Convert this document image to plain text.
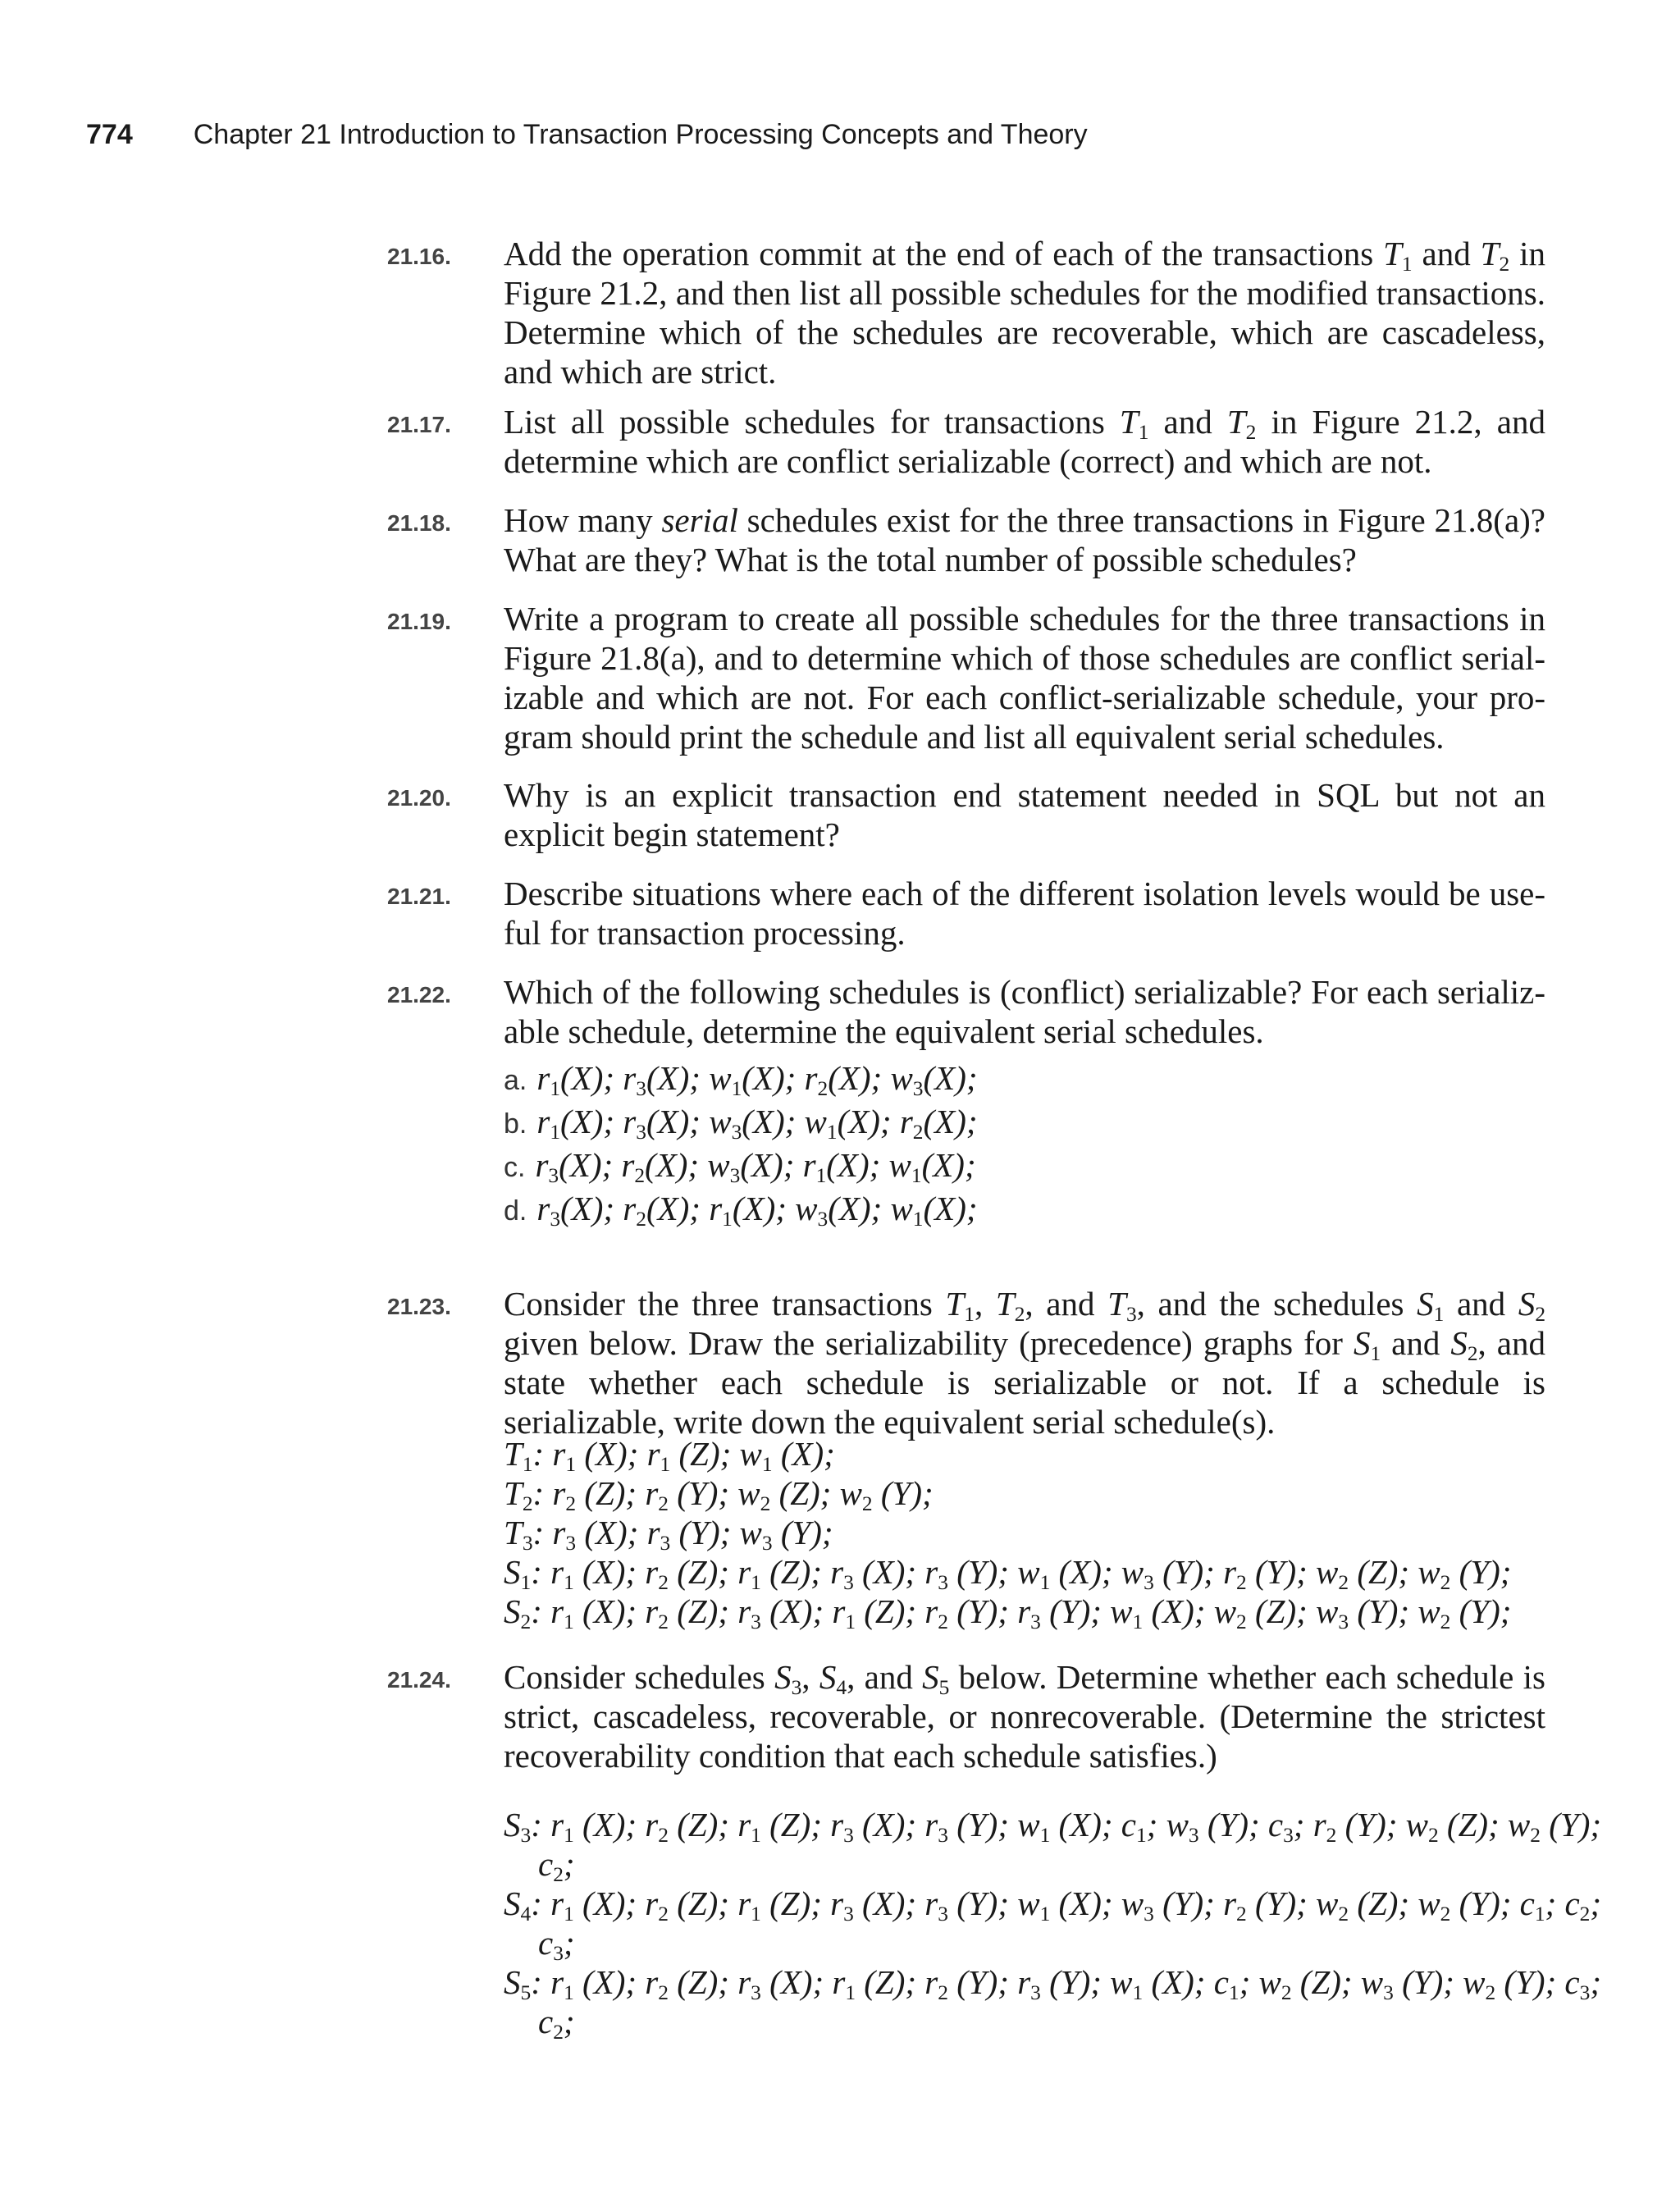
774 Chapter 21 Introduction to Transaction Processing Concepts and Theory
21.16. Add the operation commit at the end of each of the transactions $T_1$ and $T_2$ in Figure 21.2, and then list all possible schedules for the modified transactions. Determine which of the schedules are recoverable, which are cascadeless, and which are strict.
21.17. List all possible schedules for transactions $T_1$ and $T_2$ in Figure 21.2, and determine which are conflict serializable (correct) and which are not.
21.18. How many serial schedules exist for the three transactions in Figure 21.8(a)? What are they? What is the total number of possible schedules?
21.19. Write a program to create all possible schedules for the three transactions in Figure 21.8(a), and to determine which of those schedules are conflict serial- izable and which are not. For each conflict-serializable schedule, your pro- gram should print the schedule and list all equivalent serial schedules.
21.20. Why is an explicit transaction end statement needed in SQL but not an explicit begin statement?
21.21. Describe situations where each of the different isolation levels would be use- ful for transaction processing.
21.22. Which of the following schedules is (conflict) serializable? For each serializ- able schedule, determine the equivalent serial schedules.
a. $r_1(X)$; $r_3(X)$; $w_1(X)$; $r_2(X)$; $w_3(X)$;
b. $r_1(X)$; $r_3(X)$; $w_3(X)$; $w_1(X)$; $r_2(X)$;
c. $r_3(X)$; $r_2(X)$; $w_3(X)$; $r_1(X)$; $w_1(X)$;
d. $r_3(X)$; $r_2(X)$; $r_1(X)$; $w_3(X)$; $w_1(X)$;
21.23. Consider the three transactions $T_1$, $T_2$, and $T_3$, and the schedules $S_1$ and $S_2$ given below. Draw the serializability (precedence) graphs for $S_1$ and $S_2$, and state whether each schedule is serializable or not. If a schedule is serializable, write down the equivalent serial schedule(s).
$T_1$: $r_1$ (X); $r_1$ (Z); $w_1$ (X);
$T_2$: $r_2$ (Z); $r_2$ (Y); $w_2$ (Z); $w_2$ (Y);
$T_3$: $r_3$ (X); $r_3$ (Y); $w_3$ (Y);
$S_1$: $r_1$ (X); $r_2$ (Z); $r_1$ (Z); $r_3$ (X); $r_3$ (Y); $w_1$ (X); $w_3$ (Y); $r_2$ (Y); $w_2$ (Z); $w_2$ (Y);
$S_2$: $r_1$ (X); $r_2$ (Z); $r_3$ (X); $r_1$ (Z); $r_2$ (Y); $r_3$ (Y); $w_1$ (X); $w_2$ (Z); $w_3$ (Y); $w_2$ (Y);
21.24. Consider schedules $S_3$, $S_4$, and $S_5$ below. Determine whether each schedule is strict, cascadeless, recoverable, or nonrecoverable. (Determine the strictest recoverability condition that each schedule satisfies.)
$S_3$: $r_1$ (X); $r_2$ (Z); $r_1$ (Z); $r_3$ (X); $r_3$ (Y); $w_1$ (X); $c_1$; $w_3$ (Y); $c_3$; $r_2$ (Y); $w_2$ (Z); $w_2$ (Y);
$c_2$;
$S_4$: $r_1$ (X); $r_2$ (Z); $r_1$ (Z); $r_3$ (X); $r_3$ (Y); $w_1$ (X); $w_3$ (Y); $r_2$ (Y); $w_2$ (Z); $w_2$ (Y); $c_1$; $c_2$;
$c_3$;
$S_5$: $r_1$ (X); $r_2$ (Z); $r_3$ (X); $r_1$ (Z); $r_2$ (Y); $r_3$ (Y); $w_1$ (X); $c_1$; $w_2$ (Z); $w_3$ (Y); $w_2$ (Y); $c_3$;
$c_2$;
